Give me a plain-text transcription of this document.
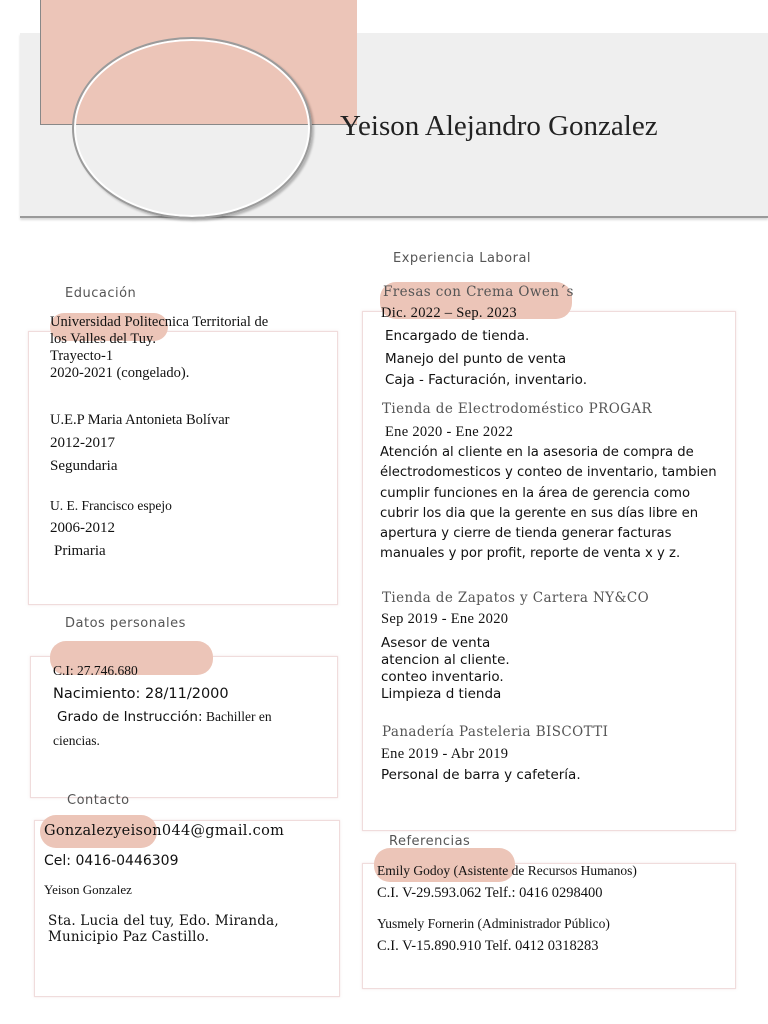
Yeison Alejandro Gonzalez
Educación
Universidad Politecnica Territorial de
los Valles del Tuy.
Trayecto-1
2020-2021 (congelado).
U.E.P Maria Antonieta Bolívar
2012-2017
Segundaria
U. E. Francisco espejo
2006-2012
Primaria
Datos personales
C.I: 27.746.680
Nacimiento: 28/11/2000
Grado de Instrucción: Bachiller en
ciencias.
Contacto
Gonzalezyeison044@gmail.com
Cel: 0416-0446309
Yeison Gonzalez
Sta. Lucia del tuy, Edo. Miranda,
Municipio Paz Castillo.
Experiencia Laboral
Fresas con Crema Owen´s
Dic. 2022 – Sep. 2023
Encargado de tienda.
Manejo del punto de venta
Caja - Facturación, inventario.
Tienda de Electrodoméstico PROGAR
Ene 2020 - Ene 2022
Atención al cliente en la asesoria de compra de
électrodomesticos y conteo de inventario, tambien
cumplir funciones en la área de gerencia como
cubrir los dia que la gerente en sus días libre en
apertura y cierre de tienda generar facturas
manuales y por profit, reporte de venta x y z.
Tienda de Zapatos y Cartera NY&CO
Sep 2019 - Ene 2020
Asesor de venta
atencion al cliente.
conteo inventario.
Limpieza d tienda
Panadería Pasteleria BISCOTTI
Ene 2019 - Abr 2019
Personal de barra y cafetería.
Referencias
Emily Godoy (Asistente de Recursos Humanos)
C.I. V-29.593.062 Telf.: 0416 0298400
Yusmely Fornerin (Administrador Público)
C.I. V-15.890.910 Telf. 0412 0318283
